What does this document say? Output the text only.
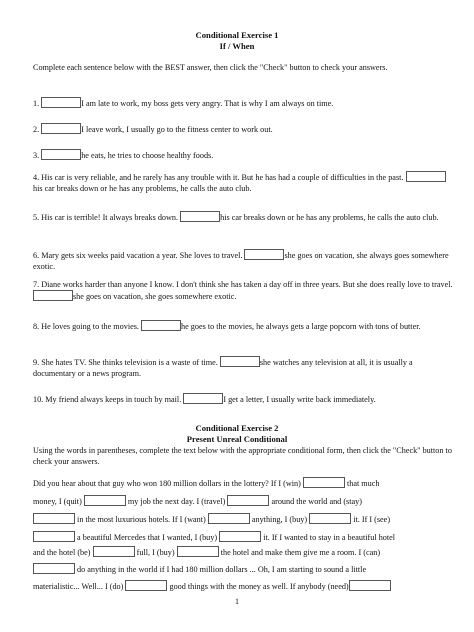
Conditional Exercise 1
If / When
Complete each sentence below with the BEST answer, then click the "Check" button to check your answers.
1.	I am late to work, my boss gets very angry. That is why I am always on time.
2.	I leave work, I usually go to the fitness center to work out.
3.	he eats, he tries to choose healthy foods.
4. His car is very reliable, and he rarely has any trouble with it. But he has had a couple of difficulties in the past. his car breaks down or he has any problems, he calls the auto club.
5. His car is terrible! It always breaks down.	his car breaks down or he has any problems, he calls the auto club.
6. Mary gets six weeks paid vacation a year. She loves to travel.	she goes on vacation, she always goes somewhere exotic.
7. Diane works harder than anyone I know. I don't think she has taken a day off in three years. But she does really love to travel. she goes on vacation, she goes somewhere exotic.
8. He loves going to the movies.	he goes to the movies, he always gets a large popcorn with tons of butter.
9. She hates TV. She thinks television is a waste of time.	she watches any television at all, it is usually a documentary or a news program.
10. My friend always keeps in touch by mail.	I get a letter, I usually write back immediately.
Conditional Exercise 2
Present Unreal Conditional
Using the words in parentheses, complete the text below with the appropriate conditional form, then click the "Check" button to check your answers.
Did you hear about that guy who won 180 million dollars in the lottery? If I (win)	that much
money, I (quit)	my job the next day. I (travel)	around the world and (stay)
in the most luxurious hotels. If I (want)	anything, I (buy)	it. If I (see)
a beautiful Mercedes that I wanted, I (buy)	it. If I wanted to stay in a beautiful hotel
and the hotel (be)	full, I (buy)	the hotel and make them give me a room. I (can)
do anything in the world if I had 180 million dollars ... Oh, I am starting to sound a little
materialistic... Well... I (do)	good things with the money as well. If anybody (need)
1
